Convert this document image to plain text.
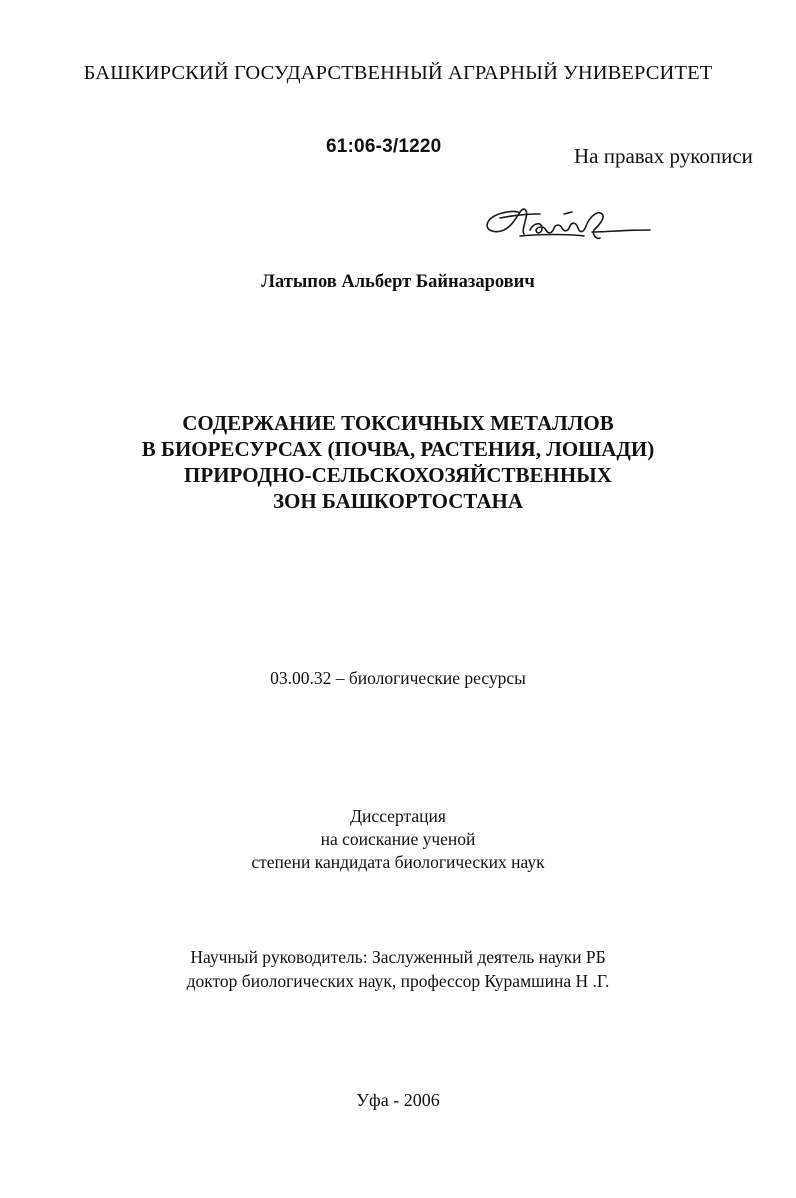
БАШКИРСКИЙ ГОСУДАРСТВЕННЫЙ АГРАРНЫЙ УНИВЕРСИТЕТ
61:06-3/1220	На правах рукописи
Латыпов Альберт Байназарович
СОДЕРЖАНИЕ ТОКСИЧНЫХ МЕТАЛЛОВ
В БИОРЕСУРСАХ (ПОЧВА, РАСТЕНИЯ, ЛОШАДИ)
ПРИРОДНО-СЕЛЬСКОХОЗЯЙСТВЕННЫХ
ЗОН БАШКОРТОСТАНА
03.00.32 – биологические ресурсы
Диссертация
на соискание ученой
степени кандидата биологических наук
Научный руководитель: Заслуженный деятель науки РБ
доктор биологических наук, профессор Курамшина Н .Г.
Уфа - 2006
